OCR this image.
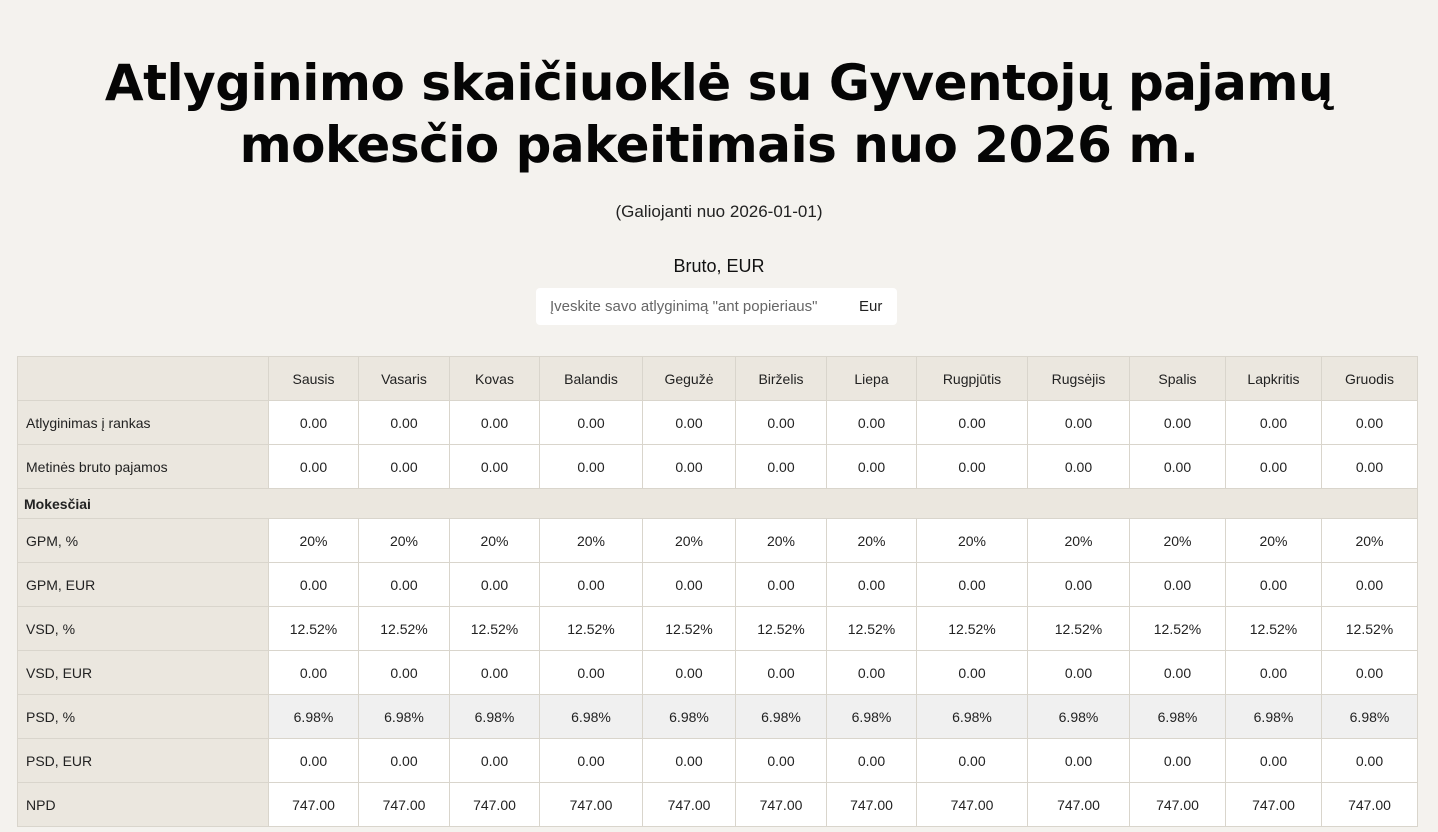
Atlyginimo skaičiuoklė su Gyventojų pajamų mokesčio pakeitimais nuo 2026 m.
(Galiojanti nuo 2026-01-01)
Bruto, EUR
Įveskite savo atlyginimą "ant popieriaus"
Eur
	Sausis	Vasaris	Kovas	Balandis	Gegužė	Birželis	Liepa	Rugpjūtis	Rugsėjis	Spalis	Lapkritis	Gruodis
Atlyginimas į rankas	0.00	0.00	0.00	0.00	0.00	0.00	0.00	0.00	0.00	0.00	0.00	0.00
Metinės bruto pajamos	0.00	0.00	0.00	0.00	0.00	0.00	0.00	0.00	0.00	0.00	0.00	0.00
Mokesčiai												
GPM, %	20%	20%	20%	20%	20%	20%	20%	20%	20%	20%	20%	20%
GPM, EUR	0.00	0.00	0.00	0.00	0.00	0.00	0.00	0.00	0.00	0.00	0.00	0.00
VSD, %	12.52%	12.52%	12.52%	12.52%	12.52%	12.52%	12.52%	12.52%	12.52%	12.52%	12.52%	12.52%
VSD, EUR	0.00	0.00	0.00	0.00	0.00	0.00	0.00	0.00	0.00	0.00	0.00	0.00
PSD, %	6.98%	6.98%	6.98%	6.98%	6.98%	6.98%	6.98%	6.98%	6.98%	6.98%	6.98%	6.98%
PSD, EUR	0.00	0.00	0.00	0.00	0.00	0.00	0.00	0.00	0.00	0.00	0.00	0.00
NPD	747.00	747.00	747.00	747.00	747.00	747.00	747.00	747.00	747.00	747.00	747.00	747.00
